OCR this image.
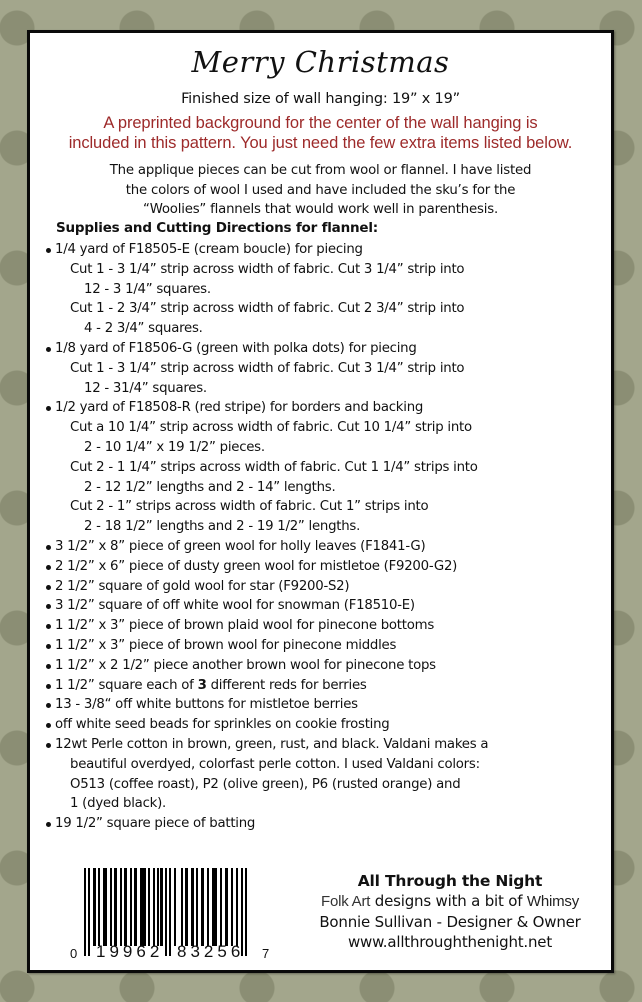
Merry Christmas
Finished size of wall hanging: 19” x 19”
A preprinted background for the center of the wall hanging is
included in this pattern. You just need the few extra items listed below.
The applique pieces can be cut from wool or flannel. I have listed
the colors of wool I used and have included the sku’s for the
“Woolies” flannels that would work well in parenthesis.
Supplies and Cutting Directions for flannel:
1/4 yard of F18505-E (cream boucle) for piecing
Cut 1 - 3 1/4” strip across width of fabric. Cut 3 1/4” strip into
12 - 3 1/4” squares.
Cut 1 - 2 3/4” strip across width of fabric. Cut 2 3/4” strip into
4 - 2 3/4” squares.
1/8 yard of F18506-G (green with polka dots) for piecing
Cut 1 - 3 1/4” strip across width of fabric. Cut 3 1/4” strip into
12 - 31/4” squares.
1/2 yard of F18508-R (red stripe) for borders and backing
Cut a 10 1/4” strip across width of fabric. Cut 10 1/4” strip into
2 - 10 1/4” x 19 1/2” pieces.
Cut 2 - 1 1/4” strips across width of fabric. Cut 1 1/4” strips into
2 - 12 1/2” lengths and 2 - 14” lengths.
Cut 2 - 1” strips across width of fabric. Cut 1” strips into
2 - 18 1/2” lengths and 2 - 19 1/2” lengths.
3 1/2” x 8” piece of green wool for holly leaves (F1841-G)
2 1/2” x 6” piece of dusty green wool for mistletoe (F9200-G2)
2 1/2” square of gold wool for star (F9200-S2)
3 1/2” square of off white wool for snowman (F18510-E)
1 1/2” x 3” piece of brown plaid wool for pinecone bottoms
1 1/2” x 3” piece of brown wool for pinecone middles
1 1/2” x 2 1/2” piece another brown wool for pinecone tops
1 1/2” square each of 3 different reds for berries
13 - 3/8“ off white buttons for mistletoe berries
off white seed beads for sprinkles on cookie frosting
12wt Perle cotton in brown, green, rust, and black. Valdani makes a
beautiful overdyed, colorfast perle cotton. I used Valdani colors:
O513 (coffee roast), P2 (olive green), P6 (rusted orange) and
1 (dyed black).
19 1/2” square piece of batting
0 19962 83256 7
All Through the Night
Folk Art designs with a bit of Whimsy
Bonnie Sullivan - Designer & Owner
www.allthroughthenight.net
